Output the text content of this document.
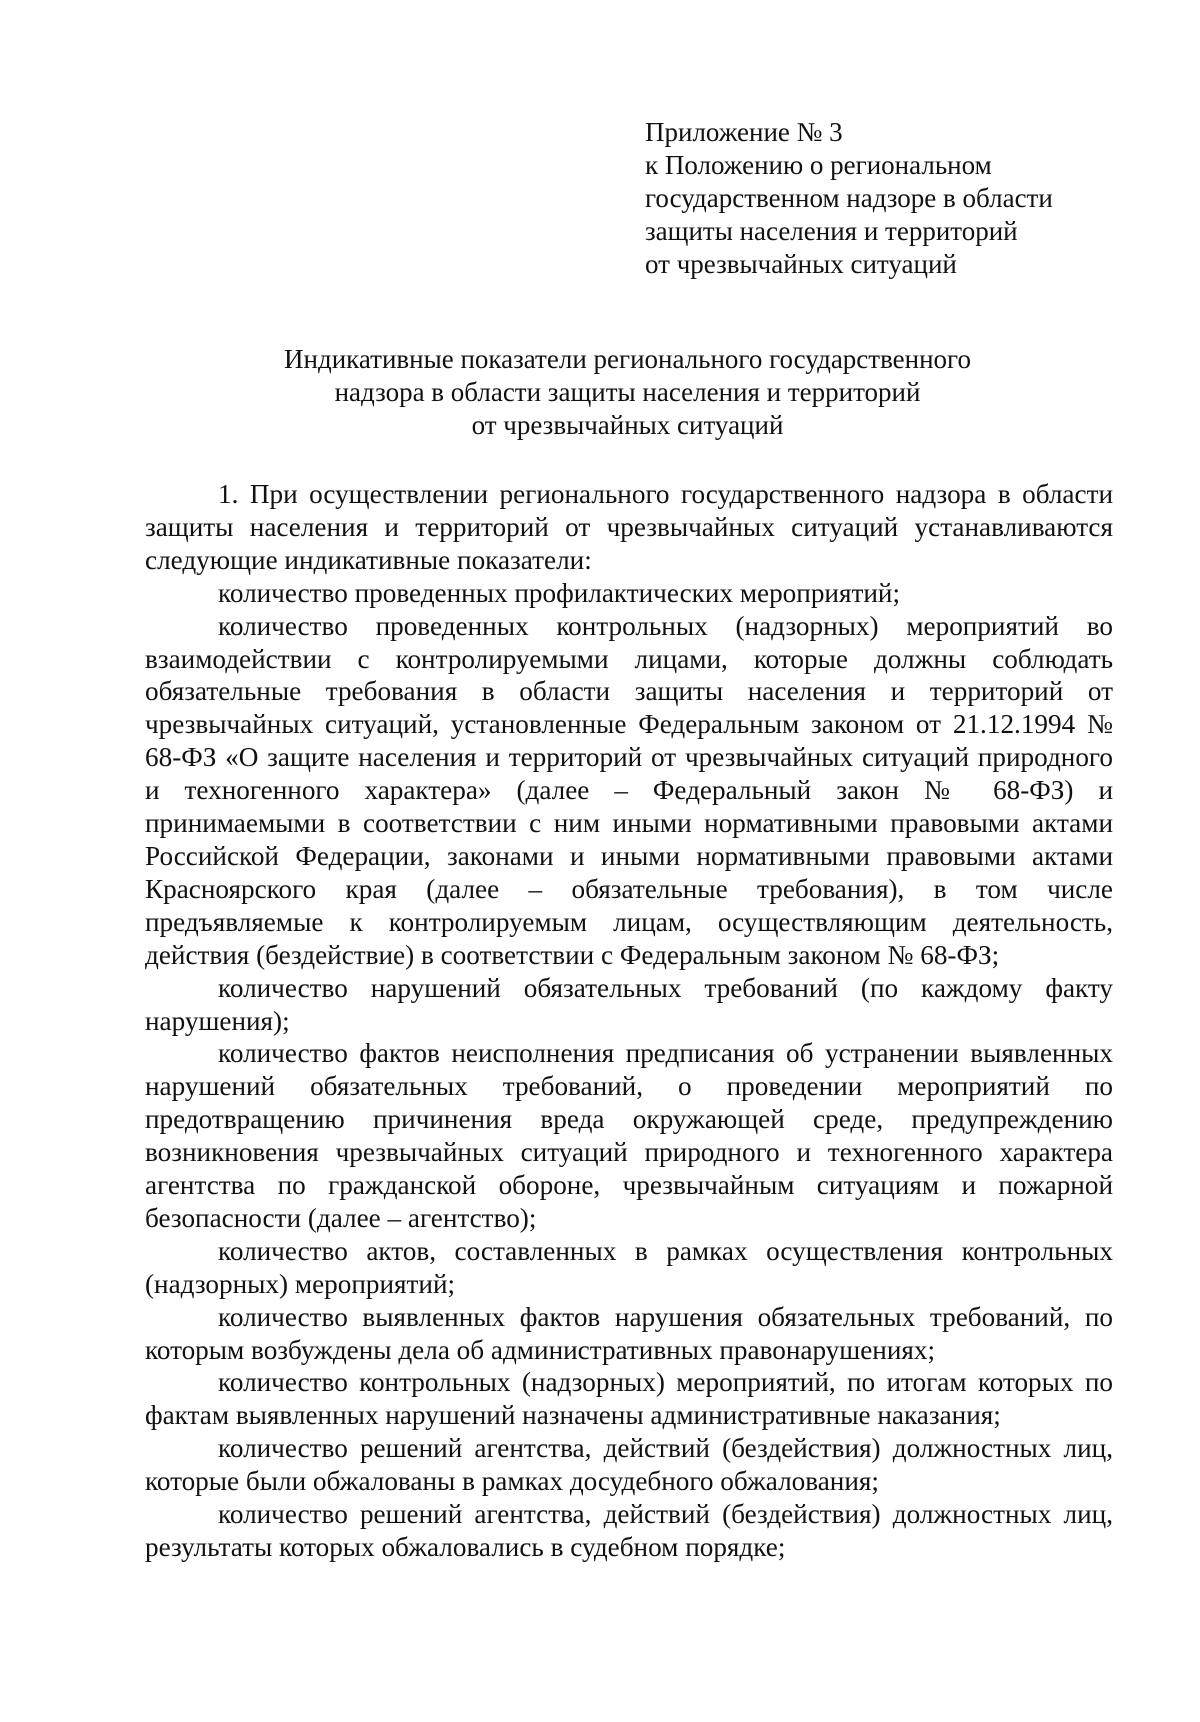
Приложение № 3
к Положению о региональном
государственном надзоре в области
защиты населения и территорий
от чрезвычайных ситуаций
Индикативные показатели регионального государственного
надзора в области защиты населения и территорий
от чрезвычайных ситуаций

1. При осуществлении регионального государственного надзора в области защиты населения и территорий от чрезвычайных ситуаций устанавливаются следующие индикативные показатели:

количество проведенных профилактических мероприятий;

количество проведенных контрольных (надзорных) мероприятий во взаимодействии с контролируемыми лицами, которые должны соблюдать обязательные требования в области защиты населения и территорий от чрезвычайных ситуаций, установленные Федеральным законом от 21.12.1994 № 68-ФЗ «О защите населения и территорий от чрезвычайных ситуаций природного и техногенного характера» (далее – Федеральный закон № 68-ФЗ) и принимаемыми в соответствии с ним иными нормативными правовыми актами Российской Федерации, законами и иными нормативными правовыми актами Красноярского края (далее – обязательные требования), в том числе предъявляемые к контролируемым лицам, осуществляющим деятельность, действия (бездействие) в соответствии с Федеральным законом № 68-ФЗ;

количество нарушений обязательных требований (по каждому факту нарушения);

количество фактов неисполнения предписания об устранении выявленных нарушений обязательных требований, о проведении мероприятий по предотвращению причинения вреда окружающей среде, предупреждению возникновения чрезвычайных ситуаций природного и техногенного характера агентства по гражданской обороне, чрезвычайным ситуациям и пожарной безопасности (далее – агентство);

количество актов, составленных в рамках осуществления контрольных (надзорных) мероприятий;

количество выявленных фактов нарушения обязательных требований, по которым возбуждены дела об административных правонарушениях;

количество контрольных (надзорных) мероприятий, по итогам которых по фактам выявленных нарушений назначены административные наказания;

количество решений агентства, действий (бездействия) должностных лиц, которые были обжалованы в рамках досудебного обжалования;

количество решений агентства, действий (бездействия) должностных лиц, результаты которых обжаловались в судебном порядке;
